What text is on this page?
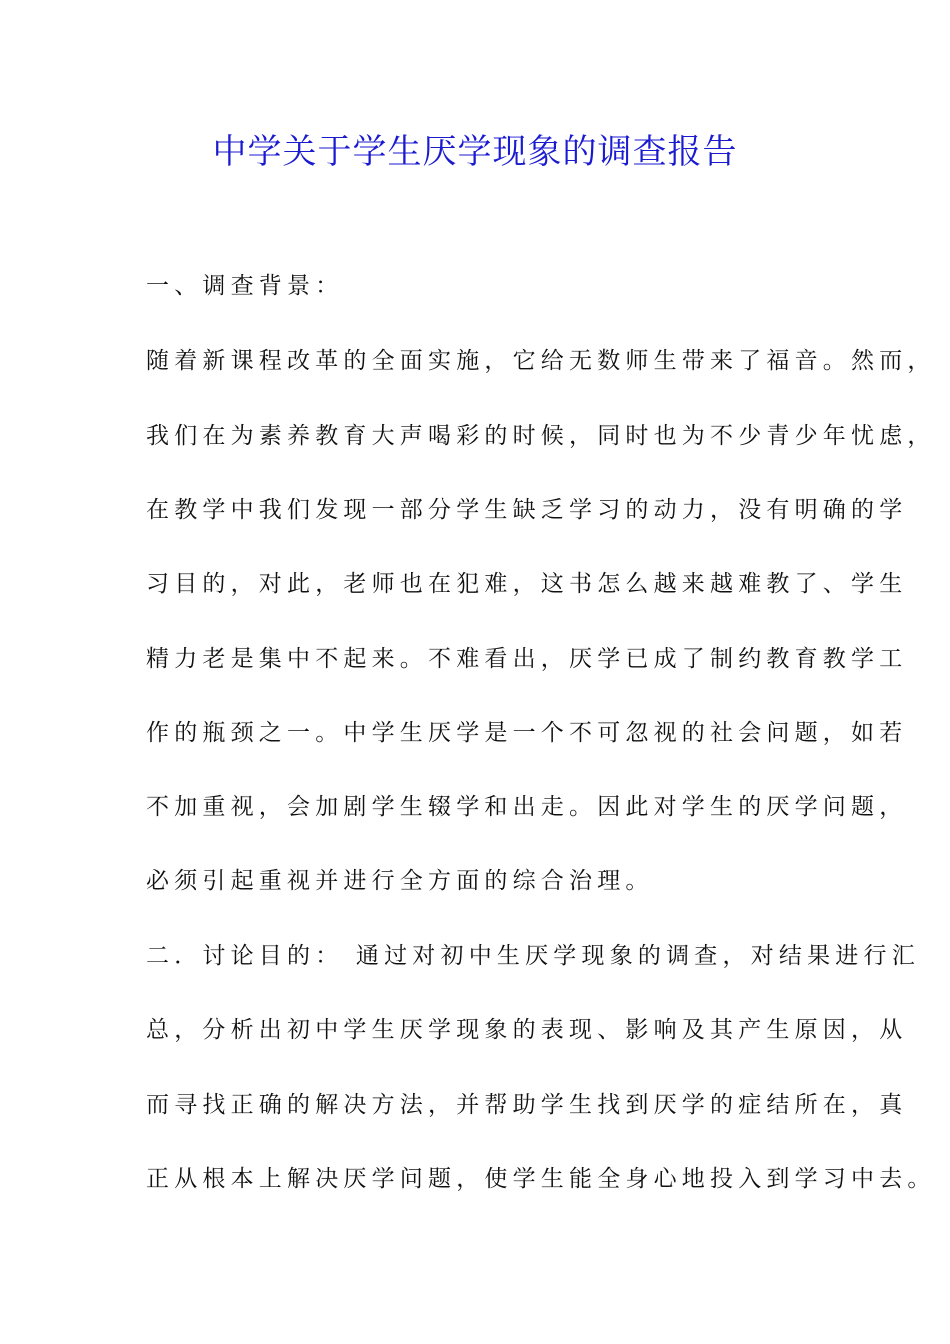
中学关于学生厌学现象的调查报告

一、调查背景：

随着新课程改革的全面实施，它给无数师生带来了福音。然而，

我们在为素养教育大声喝彩的时候，同时也为不少青少年忧虑，

在教学中我们发现一部分学生缺乏学习的动力，没有明确的学

习目的，对此，老师也在犯难，这书怎么越来越难教了、学生

精力老是集中不起来。不难看出，厌学已成了制约教育教学工

作的瓶颈之一。中学生厌学是一个不可忽视的社会问题，如若

不加重视，会加剧学生辍学和出走。因此对学生的厌学问题，

必须引起重视并进行全方面的综合治理。

二．讨论目的： 通过对初中生厌学现象的调查，对结果进行汇

总，分析出初中学生厌学现象的表现、影响及其产生原因，从

而寻找正确的解决方法，并帮助学生找到厌学的症结所在，真

正从根本上解决厌学问题，使学生能全身心地投入到学习中去。
